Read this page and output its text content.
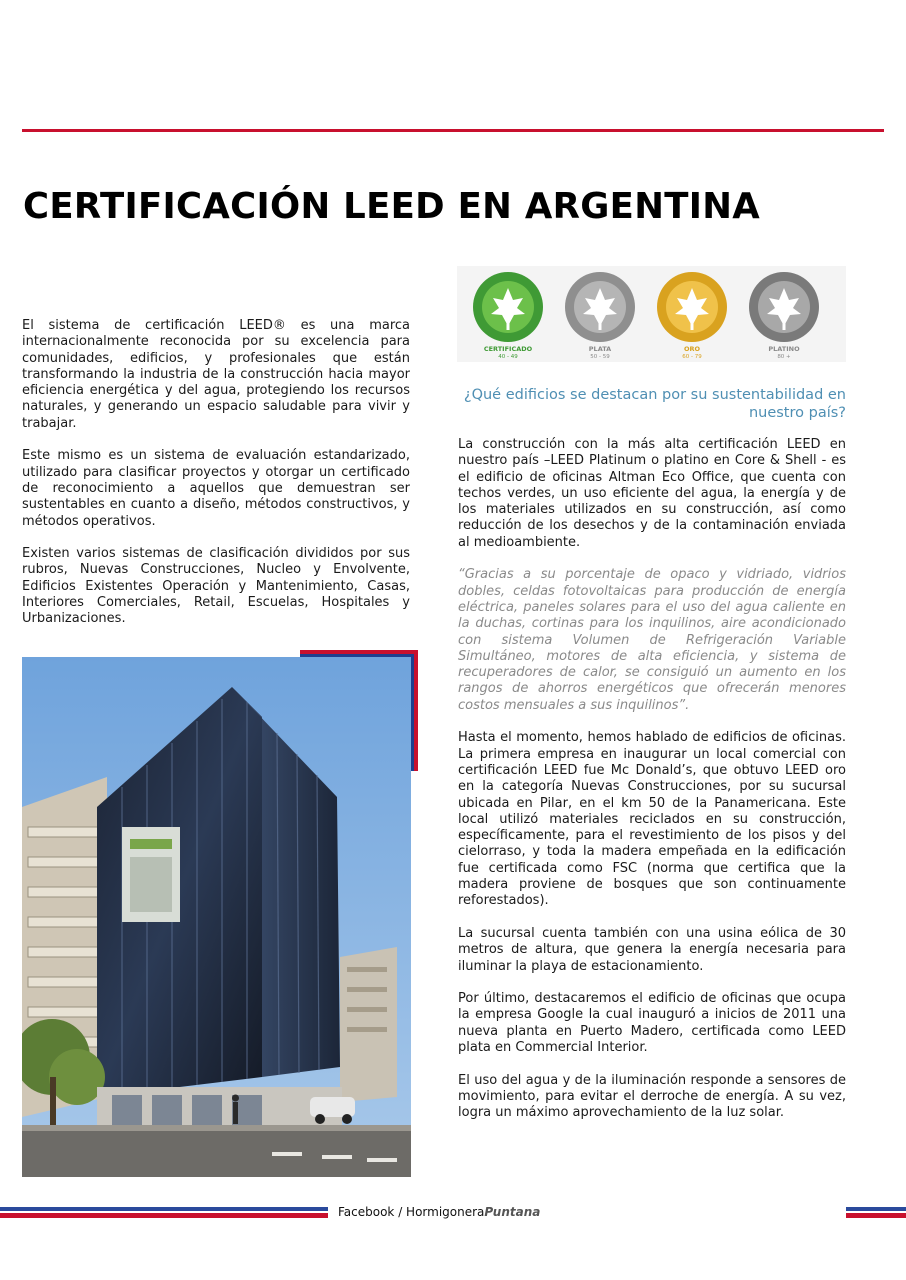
CERTIFICACIÓN LEED EN ARGENTINA

El sistema de certificación LEED® es una marca internacionalmente reconocida por su excelencia para comunidades, edificios, y profesionales que están transformando la industria de la construcción hacia mayor eficiencia energética y del agua, protegiendo los recursos naturales, y generando un espacio saludable para vivir y trabajar.

Este mismo es un sistema de evaluación estandarizado, utilizado para clasificar proyectos y otorgar un certificado de reconocimiento a aquellos que demuestran ser sustentables en cuanto a diseño, métodos constructivos, y métodos operativos.

Existen varios sistemas de clasificación divididos por sus rubros, Nuevas Construcciones, Nucleo y Envolvente, Edificios Existentes Operación y Mantenimiento, Casas, Interiores Comerciales, Retail, Escuelas, Hospitales y Urbanizaciones.

CERTIFICADO
40 - 49
PLATA
50 - 59
ORO
60 - 79
PLATINO
80 +
¿Qué edificios se destacan por su sustentabilidad en nuestro país?

La construcción con la más alta certificación LEED en nuestro país –LEED Platinum o platino en Core & Shell - es el edificio de oficinas Altman Eco Office, que cuenta con techos verdes, un uso eficiente del agua, la energía y de los materiales utilizados en su construcción, así como reducción de los desechos y de la contaminación enviada al medioambiente.

“Gracias a su porcentaje de opaco y vidriado, vidrios dobles, celdas fotovoltaicas para producción de energía eléctrica, paneles solares para el uso del agua caliente en la duchas, cortinas para los inquilinos, aire acondicionado con sistema Volumen de Refrigeración Variable Simultáneo, motores de alta eficiencia, y sistema de recuperadores de calor, se consiguió un aumento en los rangos de ahorros energéticos que ofrecerán menores costos mensuales a sus inquilinos”.

Hasta el momento, hemos hablado de edificios de oficinas. La primera empresa en inaugurar un local comercial con certificación LEED fue Mc Donald’s, que obtuvo LEED oro en la categoría Nuevas Construcciones, por su sucursal ubicada en Pilar, en el km 50 de la Panamericana. Este local utilizó materiales reciclados en su construcción, específicamente, para el revestimiento de los pisos y del cielorraso, y toda la madera empeñada en la edificación fue certificada como FSC (norma que certifica que la madera proviene de bosques que son continuamente reforestados).

La sucursal cuenta también con una usina eólica de 30 metros de altura, que genera la energía necesaria para iluminar la playa de estacionamiento.

Por último, destacaremos el edificio de oficinas que ocupa la empresa Google la cual inauguró a inicios de 2011 una nueva planta en Puerto Madero, certificada como LEED plata en Commercial Interior.

El uso del agua y de la iluminación responde a sensores de movimiento, para evitar el derroche de energía. A su vez, logra un máximo aprovechamiento de la luz solar.

Facebook / HormigoneraPuntana
